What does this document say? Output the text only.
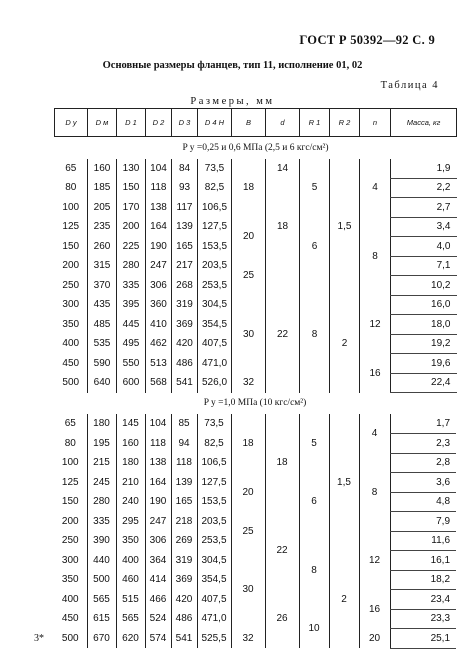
ГОСТ Р 50392—92 С. 9
Основные размеры фланцев, тип 11, исполнение 01, 02
Таблица 4
Размеры, мм
D у	D м	D 1	D 2	D 3	D 4 Н	B	d	R 1	R 2	n	Масса, кг
P у =0,25 и 0,6 МПа (2,5 и 6 кгс/см²)											
65	160	130	104	84	73,5	18	14	5	1,5	4	1,9
80	185	150	118	93	82,5		18				2,2
100	205	170	138	117	106,5						2,7
125	235	200	164	139	127,5	20		6		8	3,4
150	260	225	190	165	153,5						4,0
200	315	280	247	217	203,5	25					7,1
250	370	335	306	268	253,5		22	8			10,2
300	435	395	360	319	304,5	30			2	12	16,0
350	485	445	410	369	354,5						18,0
400	535	495	462	420	407,5						19,2
450	590	550	513	486	471,0					16	19,6
500	640	600	568	541	526,0	32					22,4
P у =1,0 МПа (10 кгс/см²)											
65	180	145	104	85	73,5	18	18	5	1,5	4	1,7
80	195	160	118	94	82,5						2,3
100	215	180	138	118	106,5					8	2,8
125	245	210	164	139	127,5	20		6			3,6
150	280	240	190	165	153,5						4,8
200	335	295	247	218	203,5	25	22				7,9
250	390	350	306	269	253,5			8		12	11,6
300	440	400	364	319	304,5	30			2		16,1
350	500	460	414	369	354,5						18,2
400	565	515	466	420	407,5		26			16	23,4
450	615	565	524	486	471,0			10			23,3
500	670	620	574	541	525,5	32				20	25,1
3*
